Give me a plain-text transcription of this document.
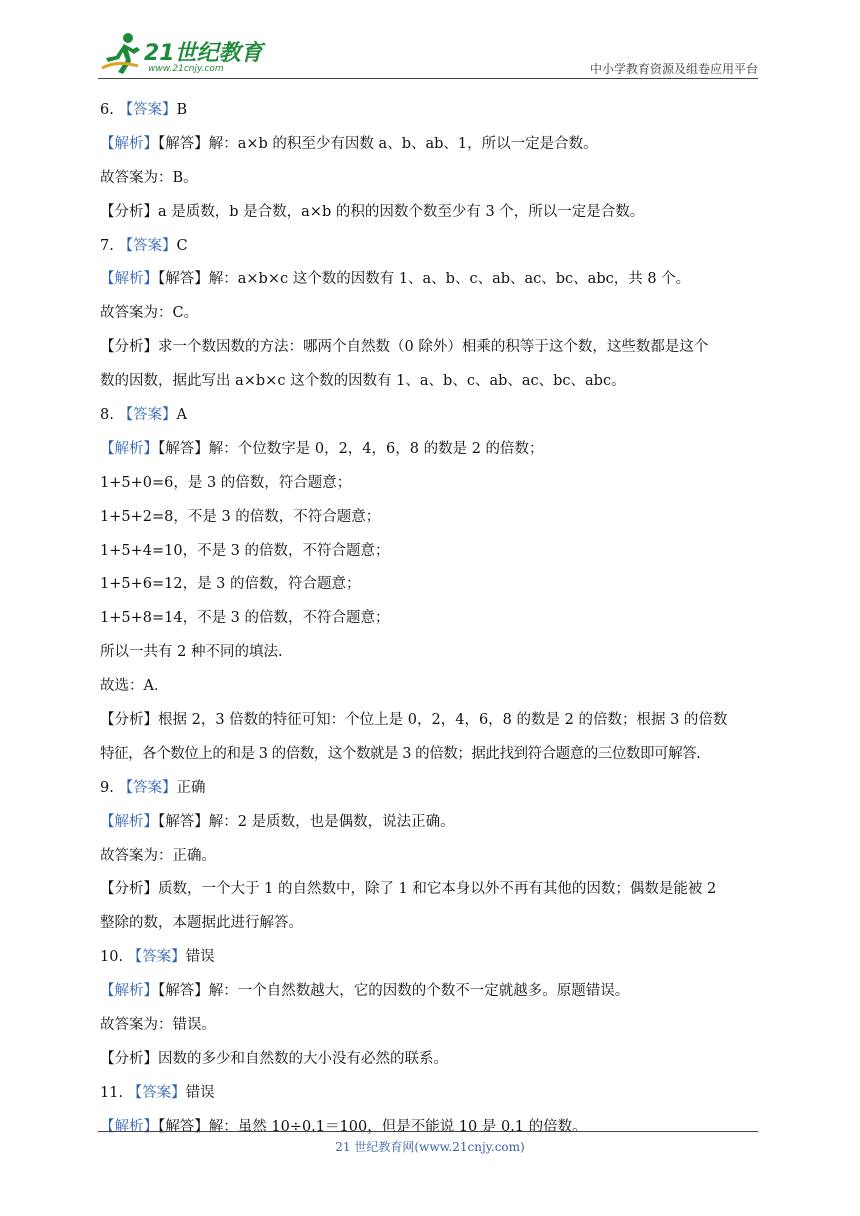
21世纪教育
www.21cnjy.com	中小学教育资源及组卷应用平台
6. 【答案】B
【解析】【解答】解：a×b 的积至少有因数 a、b、ab、1，所以一定是合数。
故答案为：B。
【分析】a 是质数，b 是合数，a×b 的积的因数个数至少有 3 个，所以一定是合数。
7. 【答案】C
【解析】【解答】解：a×b×c 这个数的因数有 1、a、b、c、ab、ac、bc、abc，共 8 个。
故答案为：C。
【分析】求一个数因数的方法：哪两个自然数（0 除外）相乘的积等于这个数，这些数都是这个
数的因数，据此写出 a×b×c 这个数的因数有 1、a、b、c、ab、ac、bc、abc。
8. 【答案】A
【解析】【解答】解：个位数字是 0，2，4，6，8 的数是 2 的倍数；
1+5+0=6，是 3 的倍数，符合题意；
1+5+2=8，不是 3 的倍数，不符合题意；
1+5+4=10，不是 3 的倍数，不符合题意；
1+5+6=12，是 3 的倍数，符合题意；
1+5+8=14，不是 3 的倍数，不符合题意；
所以一共有 2 种不同的填法.
故选：A．
【分析】根据 2，3 倍数的特征可知：个位上是 0，2，4，6，8 的数是 2 的倍数；根据 3 的倍数
特征，各个数位上的和是 3 的倍数，这个数就是 3 的倍数；据此找到符合题意的三位数即可解答.
9. 【答案】正确
【解析】【解答】解：2 是质数，也是偶数，说法正确。
故答案为：正确。
【分析】质数，一个大于 1 的自然数中，除了 1 和它本身以外不再有其他的因数；偶数是能被 2
整除的数，本题据此进行解答。
10. 【答案】错误
【解析】【解答】解：一个自然数越大，它的因数的个数不一定就越多。原题错误。
故答案为：错误。
【分析】因数的多少和自然数的大小没有必然的联系。
11. 【答案】错误
【解析】【解答】解：虽然 10÷0.1＝100，但是不能说 10 是 0.1 的倍数。
21 世纪教育网(www.21cnjy.com)
